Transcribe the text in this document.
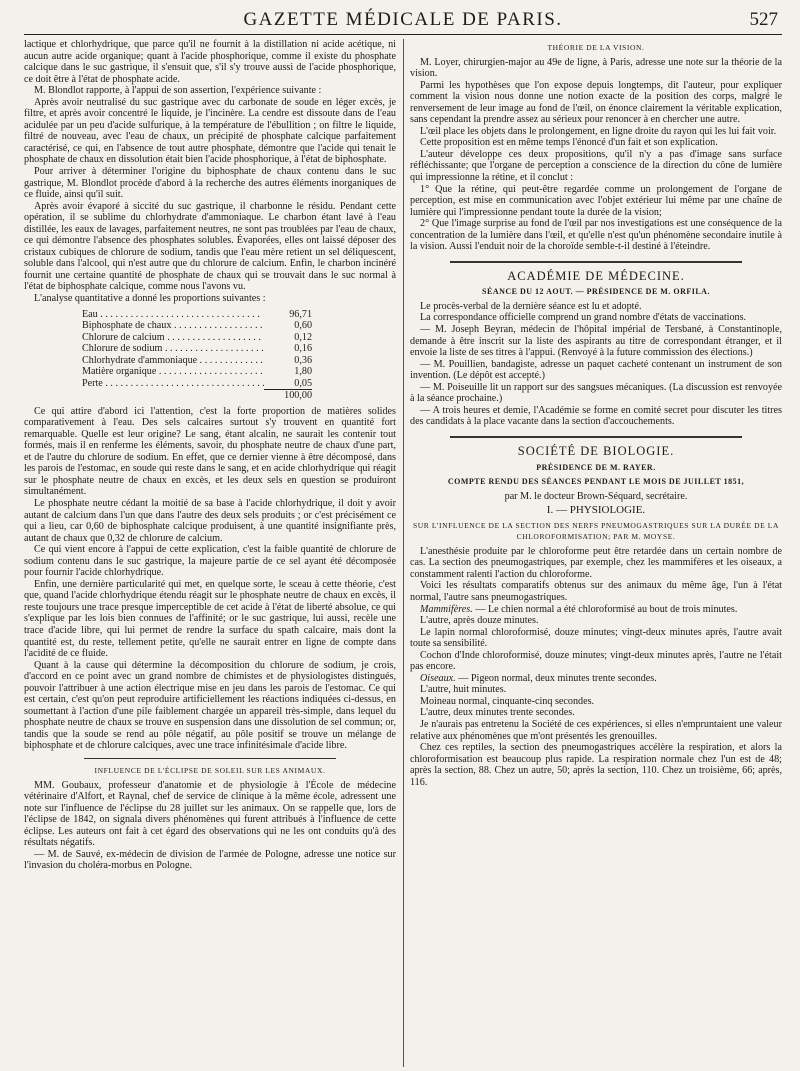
GAZETTE MÉDICALE DE PARIS.	527

lactique et chlorhydrique, que parce qu'il ne fournit à la distillation ni acide acétique, ni aucun autre acide organique; quant à l'acide phosphorique, comme il existe du phosphate calcique dans le suc gastrique, il s'ensuit que, s'il s'y trouve aussi de l'acide phosphorique, ce doit être à l'état de phosphate acide.

M. Blondlot rapporte, à l'appui de son assertion, l'expérience suivante :

Après avoir neutralisé du suc gastrique avec du carbonate de soude en léger excès, je filtre, et après avoir concentré le liquide, je l'incinère. La cendre est dissoute dans de l'eau acidulée par un peu d'acide sulfurique, à la température de l'ébullition ; on filtre le liquide, filtré de nouveau, avec l'eau de chaux, un précipité de phosphate calcique parfaitement caractérisé, ce qui, en l'absence de tout autre phosphate, démontre que l'acide qui tenait le phosphate de chaux en dissolution était bien l'acide phosphorique, à l'état de biphosphate.

Pour arriver à déterminer l'origine du biphosphate de chaux contenu dans le suc gastrique, M. Blondlot procède d'abord à la recherche des autres éléments inorganiques de ce fluide, ainsi qu'il suit.

Après avoir évaporé à siccité du suc gastrique, il charbonne le résidu. Pendant cette opération, il se sublime du chlorhydrate d'ammoniaque. Le charbon étant lavé à l'eau distillée, les eaux de lavages, parfaitement neutres, ne sont pas troublées par l'eau de chaux, ce qui démontre l'absence des phosphates solubles. Évaporées, elles ont laissé déposer des cristaux cubiques de chlorure de sodium, tandis que l'eau mère retient un sel déliquescent, soluble dans l'alcool, qui n'est autre que du chlorure de calcium. Enfin, le charbon incinéré fournit une certaine quantité de phosphate de chaux qui se trouvait dans le suc normal à l'état de biphosphate calcique, comme nous l'avons vu.

L'analyse quantitative a donné les proportions suivantes :

Eau . . .	96,71
Biphosphate de chaux . . .	0,60
Chlorure de calcium . . .	0,12
Chlorure de sodium . . .	0,16
Chlorhydrate d'ammoniaque . . .	0,36
Matière organique . . .	1,80
Perte . . .	0,05
100,00

Ce qui attire d'abord ici l'attention, c'est la forte proportion de matières solides comparativement à l'eau. Des sels calcaires surtout s'y trouvent en quantité fort remarquable. Quelle est leur origine? Le sang, étant alcalin, ne saurait les contenir tout formés, mais il en renferme les éléments, savoir, du phosphate neutre de chaux d'une part, et de l'autre du chlorure de sodium. En effet, que ce dernier vienne à être décomposé, dans les parois de l'estomac, en soude qui reste dans le sang, et en acide chlorhydrique qui réagit sur le phosphate neutre de chaux en excès, et les deux sels en question se produiront simultanément.

Le phosphate neutre cédant la moitié de sa base à l'acide chlorhydrique, il doit y avoir autant de calcium dans l'un que dans l'autre des deux sels produits ; or c'est précisément ce qui a lieu, car 0,60 de biphosphate calcique produisent, à une quantité insignifiante près, autant de chaux que 0,32 de chlorure de calcium.

Ce qui vient encore à l'appui de cette explication, c'est la faible quantité de chlorure de sodium contenu dans le suc gastrique, la majeure partie de ce sel ayant été décomposée pour fournir l'acide chlorhydrique.

Enfin, une dernière particularité qui met, en quelque sorte, le sceau à cette théorie, c'est que, quand l'acide chlorhydrique étendu réagit sur le phosphate neutre de chaux en excès, il reste toujours une trace presque imperceptible de cet acide à l'état de liberté absolue, ce qui s'explique par les lois bien connues de l'affinité; or le suc gastrique, lui aussi, recèle une trace d'acide libre, qui lui permet de rendre la surface du spath calcaire, mais dont la quantité est, du reste, tellement petite, qu'elle ne saurait entrer en ligne de compte dans l'acidité de ce fluide.

Quant à la cause qui détermine la décomposition du chlorure de sodium, je crois, d'accord en ce point avec un grand nombre de chimistes et de physiologistes distingués, pouvoir l'attribuer à une action électrique mise en jeu dans les parois de l'estomac. Ce qui est certain, c'est qu'on peut reproduire artificiellement les réactions indiquées ci-dessus, en soumettant à l'action d'une pile faiblement chargée un appareil très-simple, dans lequel du phosphate neutre de chaux se trouve en suspension dans une dissolution de sel commun; or, tandis que la soude se rend au pôle négatif, au pôle positif se trouve un mélange de biphosphate et de chlorure calciques, avec une trace infinitésimale d'acide libre.

INFLUENCE DE L'ÉCLIPSE DE SOLEIL SUR LES ANIMAUX.

MM. Goubaux, professeur d'anatomie et de physiologie à l'École de médecine vétérinaire d'Alfort, et Raynal, chef de service de clinique à la même école, adressent une note sur l'influence de l'éclipse du 28 juillet sur les animaux. On se rappelle que, lors de l'éclipse de 1842, on signala divers phénomènes qui furent attribués à l'influence de cette éclipse. Les auteurs ont fait à cet égard des observations qui ne les ont conduits qu'à des résultats négatifs.

— M. de Sauvé, ex-médecin de division de l'armée de Pologne, adresse une notice sur l'invasion du choléra-morbus en Pologne.

THÉORIE DE LA VISION.

M. Loyer, chirurgien-major au 49e de ligne, à Paris, adresse une note sur la théorie de la vision.

Parmi les hypothèses que l'on expose depuis longtemps, dit l'auteur, pour expliquer comment la vision nous donne une notion exacte de la position des corps, malgré le renversement de leur image au fond de l'œil, on énonce clairement la véritable explication, sans cependant la prendre assez au sérieux pour renoncer à en chercher une autre.

L'œil place les objets dans le prolongement, en ligne droite du rayon qui les lui fait voir.

Cette proposition est en même temps l'énoncé d'un fait et son explication.

L'auteur développe ces deux propositions, qu'il n'y a pas d'image sans surface réfléchissante; que l'organe de perception a conscience de la direction du cône de lumière qui impressionne la rétine, et il conclut :

1° Que la rétine, qui peut-être regardée comme un prolongement de l'organe de perception, est mise en communication avec l'objet extérieur lui même par une chaîne de lumière qui l'impressionne pendant toute la durée de la vision;

2° Que l'image surprise au fond de l'œil par nos investigations est une conséquence de la concentration de la lumière dans l'œil, et qu'elle n'est qu'un phénomène secondaire inutile à la vision. Aussi l'enduit noir de la choroïde semble-t-il destiné à l'éteindre.

ACADÉMIE DE MÉDECINE.

SÉANCE DU 12 AOUT. — PRÉSIDENCE DE M. ORFILA.

Le procès-verbal de la dernière séance est lu et adopté.

La correspondance officielle comprend un grand nombre d'états de vaccinations.

— M. Joseph Beyran, médecin de l'hôpital impérial de Tersbané, à Constantinople, demande à être inscrit sur la liste des aspirants au titre de correspondant étranger, et il envoie la liste de ses titres à l'appui. (Renvoyé à la future commission des élections.)

— M. Pouillien, bandagiste, adresse un paquet cacheté contenant un instrument de son invention. (Le dépôt est accepté.)

— M. Poiseuille lit un rapport sur des sangsues mécaniques. (La discussion est renvoyée à la séance prochaine.)

— A trois heures et demie, l'Académie se forme en comité secret pour discuter les titres des candidats à la place vacante dans la section d'accouchements.

SOCIÉTÉ DE BIOLOGIE.

PRÉSIDENCE DE M. RAYER.

COMPTE RENDU DES SÉANCES PENDANT LE MOIS DE JUILLET 1851,

par M. le docteur Brown-Séquard, secrétaire.

I. — PHYSIOLOGIE.

SUR L'INFLUENCE DE LA SECTION DES NERFS PNEUMOGASTRIQUES SUR LA DURÉE DE LA CHLOROFORMISATION; PAR M. MOYSE.

L'anesthésie produite par le chloroforme peut être retardée dans un certain nombre de cas. La section des pneumogastriques, par exemple, chez les mammifères et les oiseaux, a constamment ralenti l'action du chloroforme.

Voici les résultats comparatifs obtenus sur des animaux du même âge, l'un à l'état normal, l'autre sans pneumogastriques.

Mammifères. — Le chien normal a été chloroformisé au bout de trois minutes.

L'autre, après douze minutes.

Le lapin normal chloroformisé, douze minutes; vingt-deux minutes après, l'autre avait toute sa sensibilité.

Cochon d'Inde chloroformisé, douze minutes; vingt-deux minutes après, l'autre ne l'était pas encore.

Oiseaux. — Pigeon normal, deux minutes trente secondes.

L'autre, huit minutes.

Moineau normal, cinquante-cinq secondes.

L'autre, deux minutes trente secondes.

Je n'aurais pas entretenu la Société de ces expériences, si elles n'empruntaient une valeur relative aux phénomènes que m'ont présentés les grenouilles.

Chez ces reptiles, la section des pneumogastriques accélère la respiration, et alors la chloroformisation est beaucoup plus rapide. La respiration normale chez l'un est de 48; après la section, 88. Chez un autre, 50; après la section, 110. Chez un troisième, 66; après, 116.
